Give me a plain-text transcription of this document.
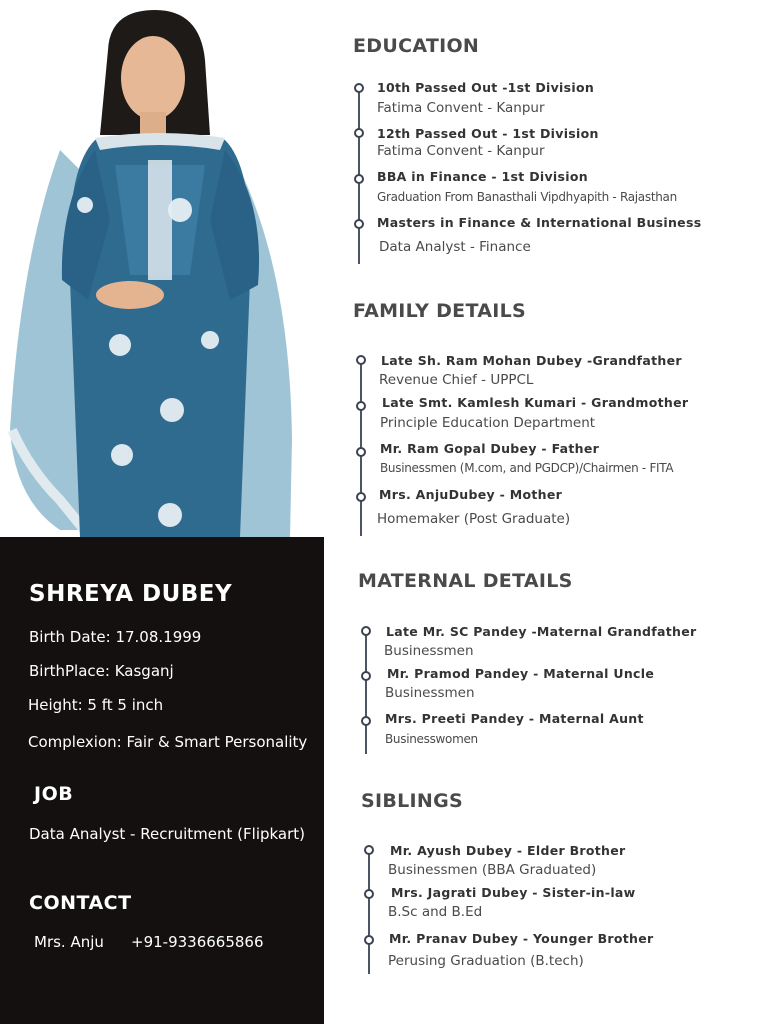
SHREYA DUBEY
Birth Date: 17.08.1999
BirthPlace: Kasganj
Height: 5 ft 5 inch
Complexion: Fair & Smart Personality
JOB
Data Analyst - Recruitment (Flipkart)
CONTACT
Mrs. Anju +91-9336665866
EDUCATION
10th Passed Out -1st Division
Fatima Convent - Kanpur
12th Passed Out - 1st Division
Fatima Convent - Kanpur
BBA in Finance - 1st Division
Graduation From Banasthali Vipdhyapith - Rajasthan
Masters in Finance & International Business
Data Analyst - Finance
FAMILY DETAILS
Late Sh. Ram Mohan Dubey -Grandfather
Revenue Chief - UPPCL
Late Smt. Kamlesh Kumari - Grandmother
Principle Education Department
Mr. Ram Gopal Dubey - Father
Businessmen (M.com, and PGDCP)/Chairmen - FITA
Mrs. AnjuDubey - Mother
Homemaker (Post Graduate)
MATERNAL DETAILS
Late Mr. SC Pandey -Maternal Grandfather
Businessmen
Mr. Pramod Pandey - Maternal Uncle
Businessmen
Mrs. Preeti Pandey - Maternal Aunt
Businesswomen
SIBLINGS
Mr. Ayush Dubey - Elder Brother
Businessmen (BBA Graduated)
Mrs. Jagrati Dubey - Sister-in-law
B.Sc and B.Ed
Mr. Pranav Dubey - Younger Brother
Perusing Graduation (B.tech)
